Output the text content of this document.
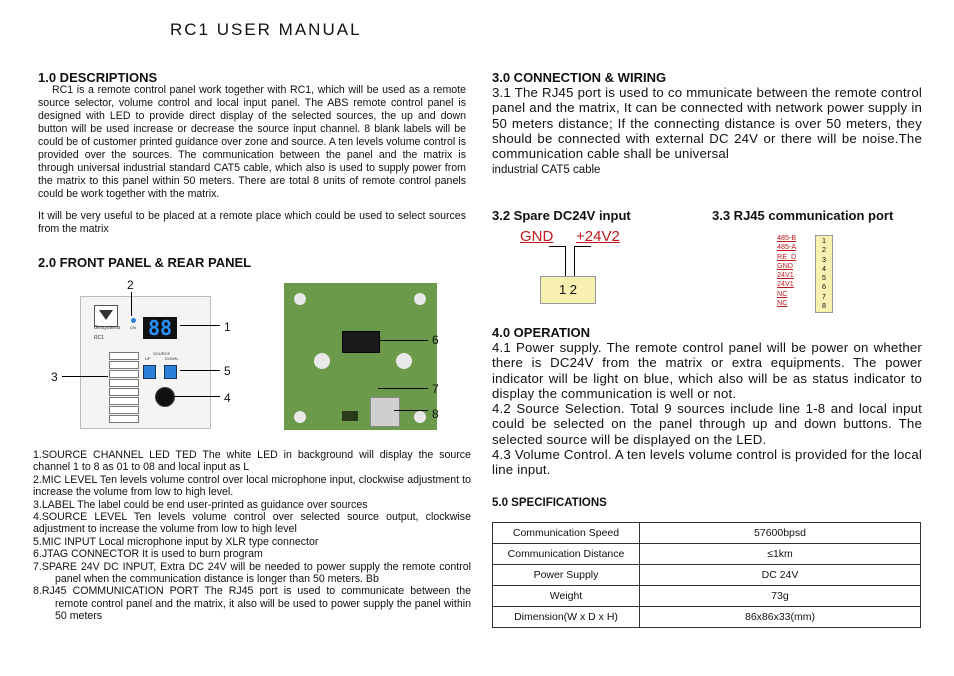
RC1 USER MANUAL
1.0 DESCRIPTIONS
RC1 is a remote control panel work together with RC1, which will be used as a remote source selector, volume control and local input panel. The ABS remote control panel is designed with LED to provide direct display of the selected sources, the up and down button will be used increase or decrease the source input channel. 8 blank labels will be could be of customer printed guidance over zone and source. A ten levels volume control is provided over the sources. The communication between the panel and the matrix is through universal industrial standard CAT5 cable, which also is used to supply power from the matrix to this panel within 50 meters. There are total 8 units of remote control panels could be work together with the matrix.
It will be very useful to be placed at a remote place which could be used to select sources from the matrix
2.0 FRONT PANEL & REAR PANEL
Gmsystems
RC1
ON 88
SOURCE
UP	DOWN
1
2
3
4
5
6
7
8
1.SOURCE CHANNEL LED TED The white LED in background will display the source channel 1 to 8 as 01 to 08 and local input as L
2.MIC LEVEL Ten levels volume control over local microphone input, clockwise adjustment to increase the volume from low to high level.
3.LABEL The label could be end user-printed as guidance over sources
4.SOURCE LEVEL Ten levels volume control over selected source output, clockwise adjustment to increase the volume from low to high level
5.MIC INPUT Local microphone input by XLR type connector
6.JTAG CONNECTOR It is used to burn program
7.SPARE 24V DC INPUT, Extra DC 24V will be needed to power supply the remote control panel when the communication distance is longer than 50 meters. Bb
8.RJ45 COMMUNICATION PORT The RJ45 port is used to communicate between the remote control panel and the matrix, it also will be used to power supply the panel within 50 meters
3.0 CONNECTION & WIRING
3.1 The RJ45 port is used to co mmunicate between the remote control panel and the matrix, It can be connected with network power supply in 50 meters distance; If the connecting distance is over 50 meters, they should be connected with external DC 24V or there will be noise.The communication cable shall be universal
industrial CAT5 cable
3.2 Spare DC24V input	3.3 RJ45 communication port
GND +24V2
1 2
485-B
485-A
RE_D
GND
24V1
24V1
NC
NC
1
2
3
4
5
6
7
8
4.0 OPERATION
4.1 Power supply. The remote control panel will be power on whether there is DC24V from the matrix or extra equipments. The power indicator will be light on blue, which also will be as status indicator to display the communication is well or not.
4.2 Source Selection. Total 9 sources include line 1-8 and local input could be selected on the panel through up and down buttons. The selected source will be displayed on the LED.
4.3 Volume Control. A ten levels volume control is provided for the local line input.
5.0 SPECIFICATIONS
Communication Speed	57600bpsd
Communication Distance	≤1km
Power Supply	DC 24V
Weight	73g
Dimension(W x D x H)	86x86x33(mm)
